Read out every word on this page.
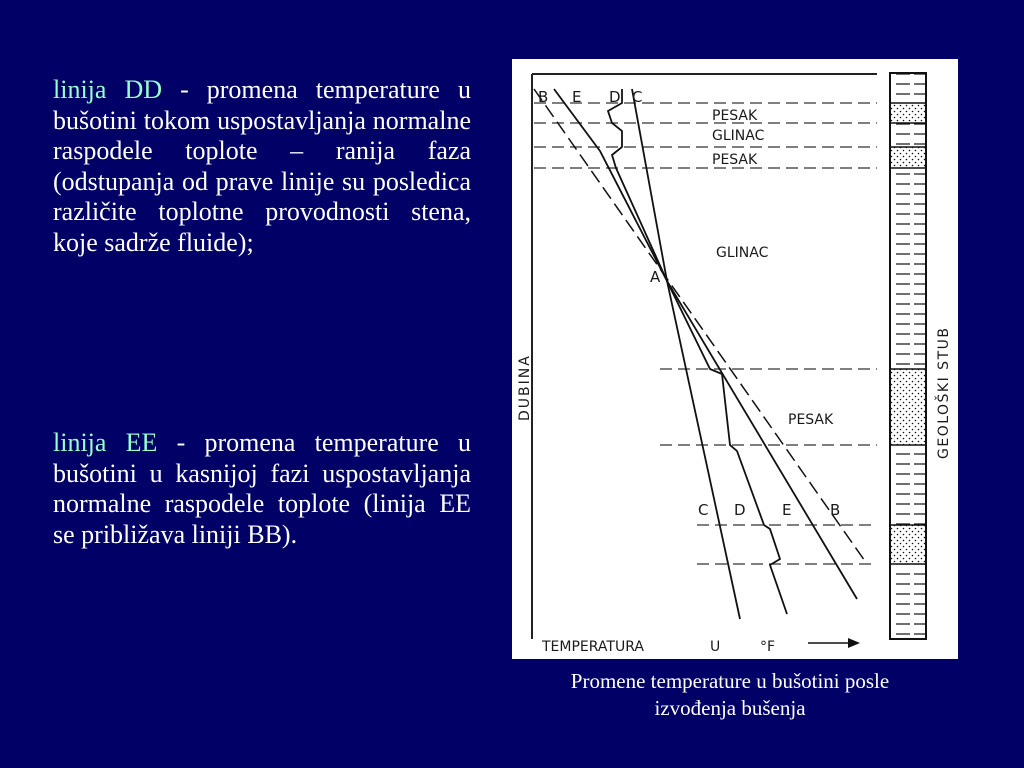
linija DD - promena temperature u bušotini tokom uspostavljanja normalne raspodele toplote – ranija faza (odstupanja od prave linije su posledica različite toplotne provodnosti stena, koje sadrže fluide);

linija EE - promena temperature u bušotini u kasnijoj fazi uspostavljanja normalne raspodele toplote (linija EE se približava liniji BB).

B E D C
C D E	B
A
PESAK
GLINAC
PESAK
GLINAC
PESAK
DUBINA
TEMPERATURA	U	°F
GEOLOŠKI STUB
Promene temperature u bušotini posle
izvođenja bušenja
